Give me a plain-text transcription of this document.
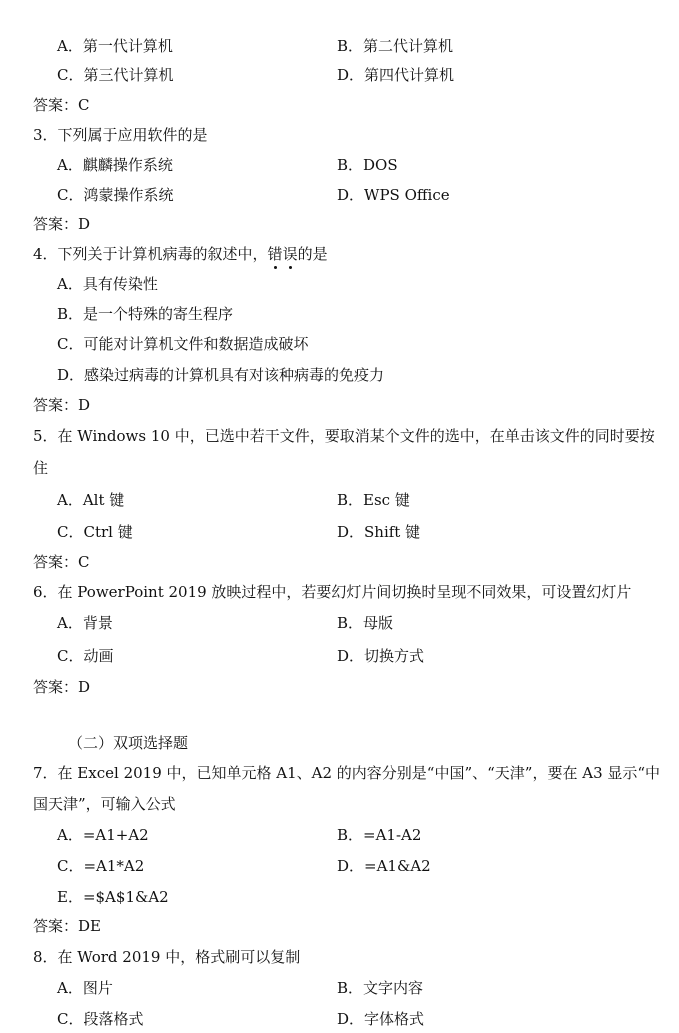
A．第一代计算机	B．第二代计算机
C．第三代计算机	D．第四代计算机
答案：C
3．下列属于应用软件的是
A．麒麟操作系统	B．DOS
C．鸿蒙操作系统	D．WPS Office
答案：D
4．下列关于计算机病毒的叙述中，错误的是
A．具有传染性
B．是一个特殊的寄生程序
C．可能对计算机文件和数据造成破坏
D．感染过病毒的计算机具有对该种病毒的免疫力
答案：D
5．在 Windows 10 中，已选中若干文件，要取消某个文件的选中，在单击该文件的同时要按
住
A．Alt 键	B．Esc 键
C．Ctrl 键	D．Shift 键
答案：C
6．在 PowerPoint 2019 放映过程中，若要幻灯片间切换时呈现不同效果，可设置幻灯片
A．背景	B．母版
C．动画	D．切换方式
答案：D
（二）双项选择题
7．在 Excel 2019 中，已知单元格 A1、A2 的内容分别是“中国”、“天津”，要在 A3 显示“中
国天津”，可输入公式
A．=A1+A2	B．=A1-A2
C．=A1*A2	D．=A1&A2
E．=$A$1&A2
答案：DE
8．在 Word 2019 中，格式刷可以复制
A．图片	B．文字内容
C．段落格式	D．字体格式
